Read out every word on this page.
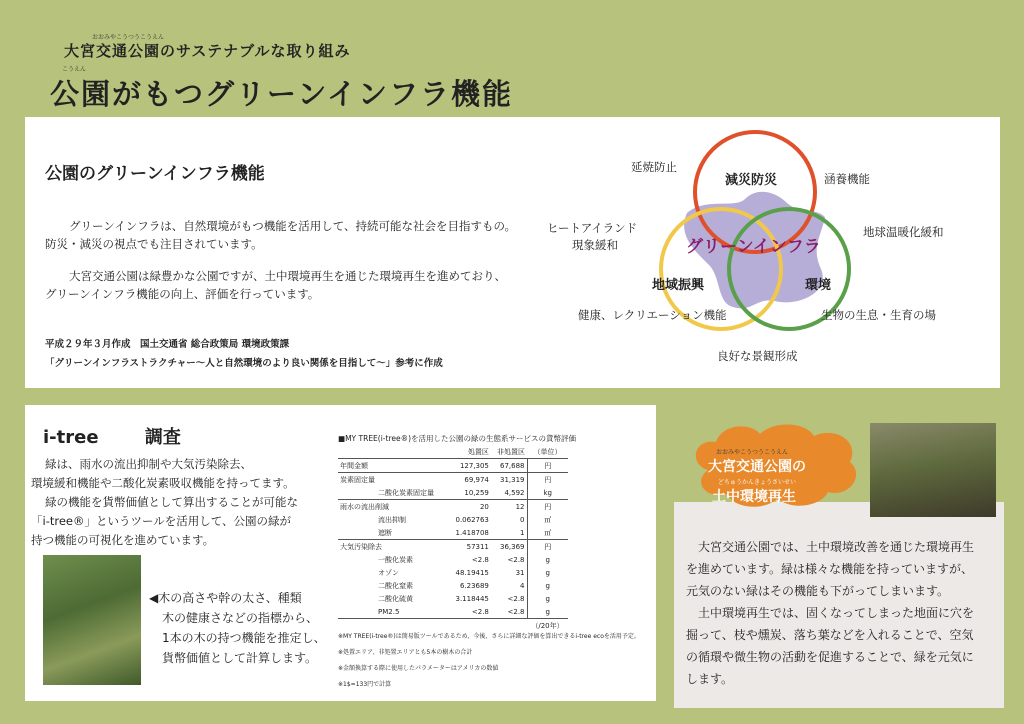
おおみやこうつうこうえん
大宮交通公園のサステナブルな取り組み
こうえん
公園がもつグリーンインフラ機能
公園のグリーンインフラ機能
グリーンインフラは、自然環境がもつ機能を活用して、持続可能な社会を目指すもの。
防災・減災の視点でも注目されています。
大宮交通公園は緑豊かな公園ですが、土中環境再生を通じた環境再生を進めており、
グリーンインフラ機能の向上、評価を行っています。
平成２９年３月作成　国土交通省 総合政策局 環境政策課
「グリーンインフラストラクチャー～人と自然環境のより良い関係を目指して～」参考に作成
減災防災
地域振興	環境
グリーンインフラ
延焼防止
涵養機能
ヒートアイランド
現象緩和
地球温暖化緩和
健康、レクリエーション機能	生物の生息・生育の場
良好な景観形成
i-tree	調査
緑は、雨水の流出抑制や大気汚染除去、
環境緩和機能や二酸化炭素吸収機能を持ってます。
緑の機能を貨幣価値として算出することが可能な
「i-tree®」というツールを活用して、公園の緑が
持つ機能の可視化を進めています。
◀木の高さや幹の太さ、種類
木の健康さなどの指標から、
1本の木の持つ機能を推定し、
貨幣価値として計算します。
■MY TREE(i-tree®)を活用した公園の緑の生態系サービスの貨幣評価
	処置区	非処置区	（単位）
年間金額	127,305	67,688	円
炭素固定量	69,974	31,319	円
二酸化炭素固定量	10,259	4,592	kg
雨水の流出削減	20	12	円
流出抑制	0.062763	0	㎥
遮断	1.418708	1	㎥
大気汚染除去	57311	36,369	円
一酸化炭素	<2.8	<2.8	g
オゾン	48.19415	31	g
二酸化窒素	6.23689	4	g
二酸化硫黄	3.118445	<2.8	g
PM2.5	<2.8	<2.8	g
			（/20年）
※MY TREE(i-tree®)は簡易版ツールであるため、今後、さらに詳細な評価を算出できるi-tree ecoを活用予定。
※処置エリア、非処置エリアとも5本の樹木の合計
※金額換算する際に使用したパラメーターはアメリカの数値
※1$=133円で計算
大宮交通公園では、土中環境改善を通じた環境再生
を進めています。緑は様々な機能を持っていますが、
元気のない緑はその機能も下がってしまいます。
土中環境再生では、固くなってしまった地面に穴を
掘って、枝や燻炭、落ち葉などを入れることで、空気
の循環や微生物の活動を促進することで、緑を元気に
します。
おおみやこうつうこうえん
大宮交通公園の
どちゅうかんきょうさいせい
土中環境再生
